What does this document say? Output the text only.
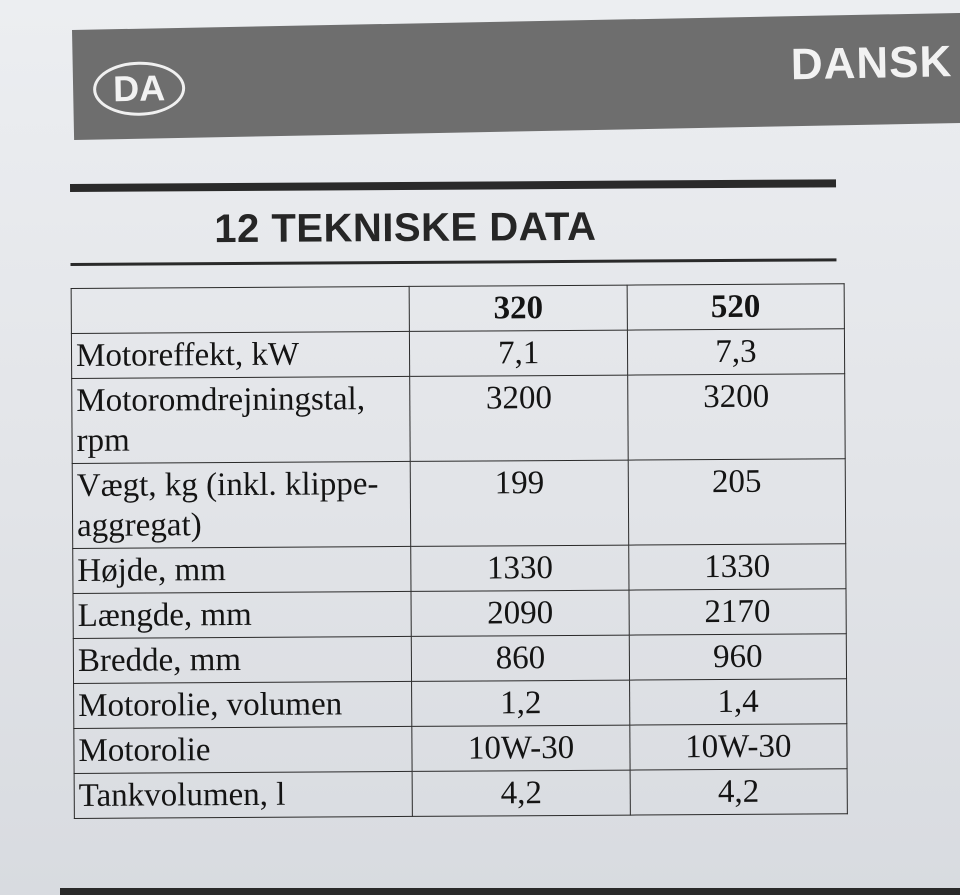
DA	DANSK
12 TEKNISKE DATA
	320	520
Motoreffekt, kW	7,1	7,3
Motoromdrejningstal, rpm	3200	3200
Vægt, kg (inkl. klippe-aggregat)	199	205
Højde, mm	1330	1330
Længde, mm	2090	2170
Bredde, mm	860	960
Motorolie, volumen	1,2	1,4
Motorolie	10W-30	10W-30
Tankvolumen, l	4,2	4,2
